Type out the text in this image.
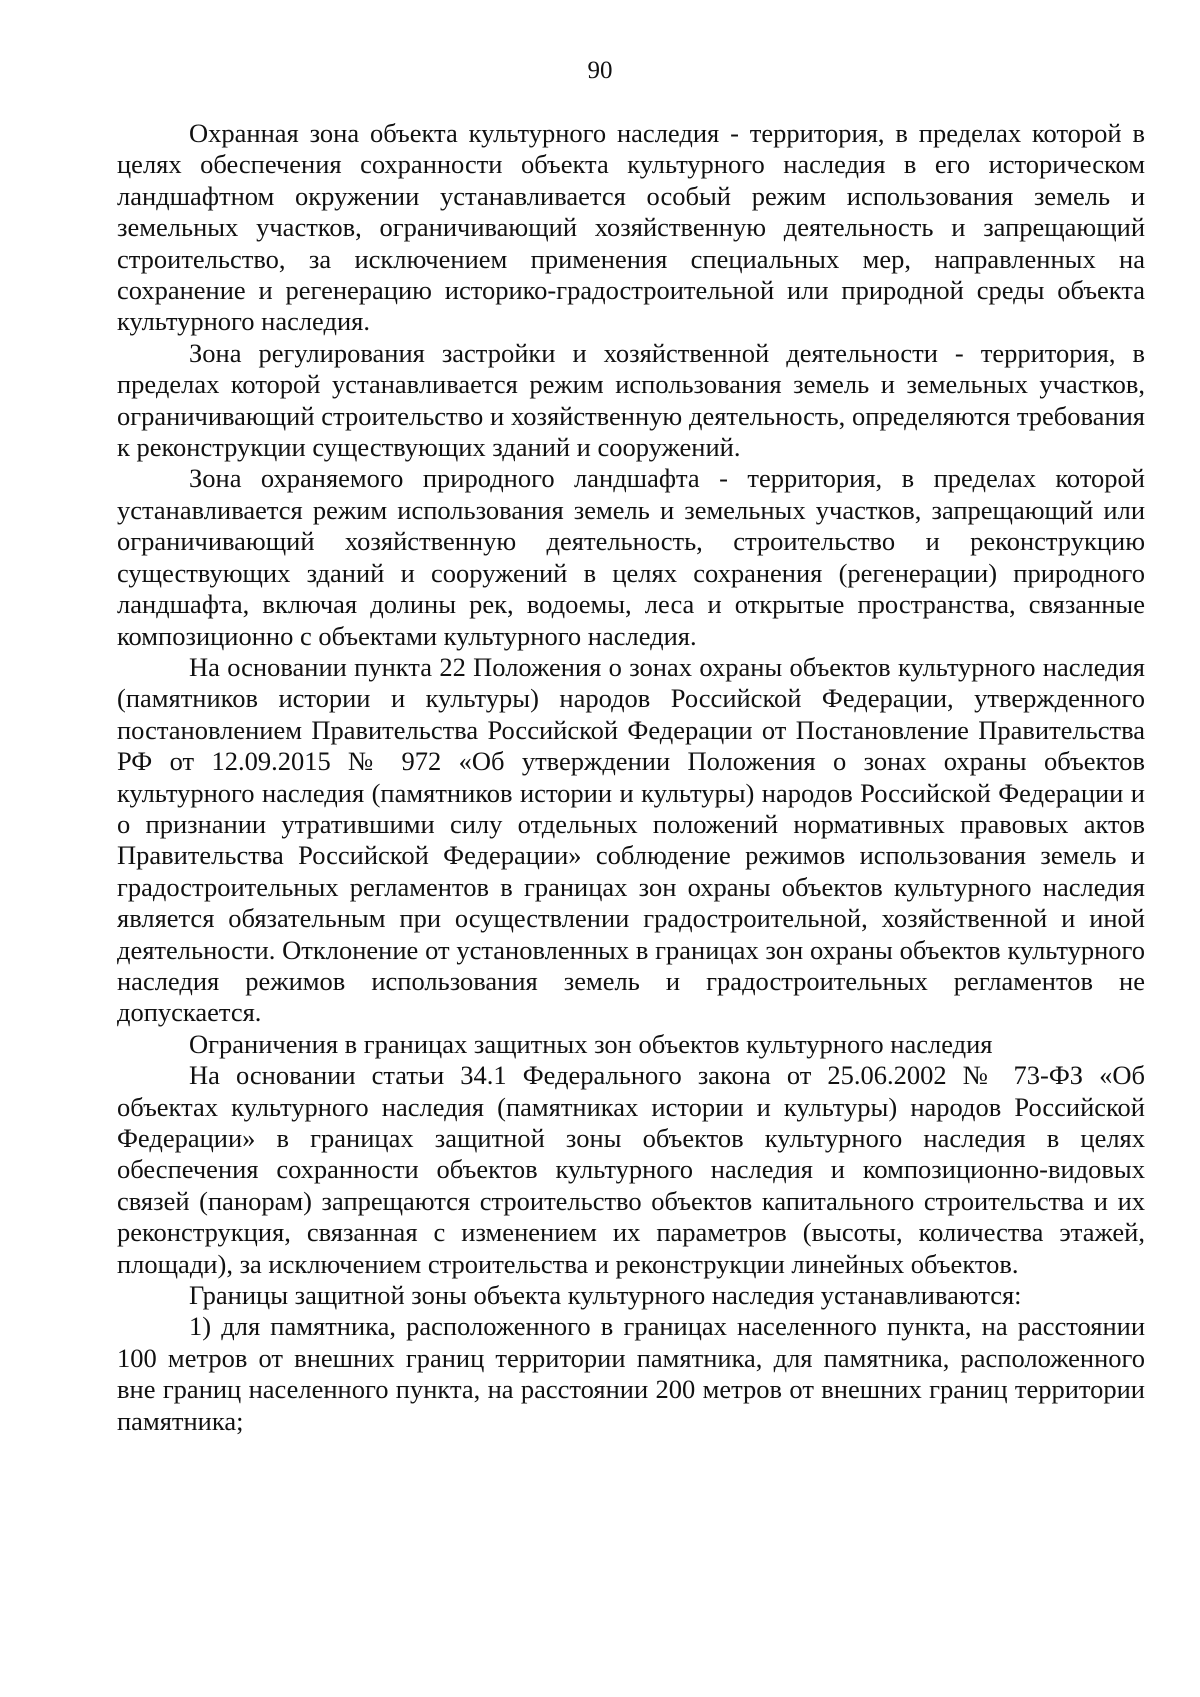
90

Охранная зона объекта культурного наследия - территория, в пределах которой в целях обеспечения сохранности объекта культурного наследия в его историческом ландшафтном окружении устанавливается особый режим использования земель и земельных участков, ограничивающий хозяйственную деятельность и запрещающий строительство, за исключением применения специальных мер, направленных на сохранение и регенерацию историко-градостроительной или природной среды объекта культурного наследия.

Зона регулирования застройки и хозяйственной деятельности - территория, в пределах которой устанавливается режим использования земель и земельных участков, ограничивающий строительство и хозяйственную деятельность, определяются требования к реконструкции существующих зданий и сооружений.

Зона охраняемого природного ландшафта - территория, в пределах которой устанавливается режим использования земель и земельных участков, запрещающий или ограничивающий хозяйственную деятельность, строительство и реконструкцию существующих зданий и сооружений в целях сохранения (регенерации) природного ландшафта, включая долины рек, водоемы, леса и открытые пространства, связанные композиционно с объектами культурного наследия.

На основании пункта 22 Положения о зонах охраны объектов культурного наследия (памятников истории и культуры) народов Российской Федерации, утвержденного постановлением Правительства Российской Федерации от Постановление Правительства РФ от 12.09.2015 № 972 «Об утверждении Положения о зонах охраны объектов культурного наследия (памятников истории и культуры) народов Российской Федерации и о признании утратившими силу отдельных положений нормативных правовых актов Правительства Российской Федерации» соблюдение режимов использования земель и градостроительных регламентов в границах зон охраны объектов культурного наследия является обязательным при осуществлении градостроительной, хозяйственной и иной деятельности. Отклонение от установленных в границах зон охраны объектов культурного наследия режимов использования земель и градостроительных регламентов не допускается.

Ограничения в границах защитных зон объектов культурного наследия

На основании статьи 34.1 Федерального закона от 25.06.2002 № 73-ФЗ «Об объектах культурного наследия (памятниках истории и культуры) народов Российской Федерации» в границах защитной зоны объектов культурного наследия в целях обеспечения сохранности объектов культурного наследия и композиционно-видовых связей (панорам) запрещаются строительство объектов капитального строительства и их реконструкция, связанная с изменением их параметров (высоты, количества этажей, площади), за исключением строительства и реконструкции линейных объектов.

Границы защитной зоны объекта культурного наследия устанавливаются:

1) для памятника, расположенного в границах населенного пункта, на расстоянии 100 метров от внешних границ территории памятника, для памятника, расположенного вне границ населенного пункта, на расстоянии 200 метров от внешних границ территории памятника;
